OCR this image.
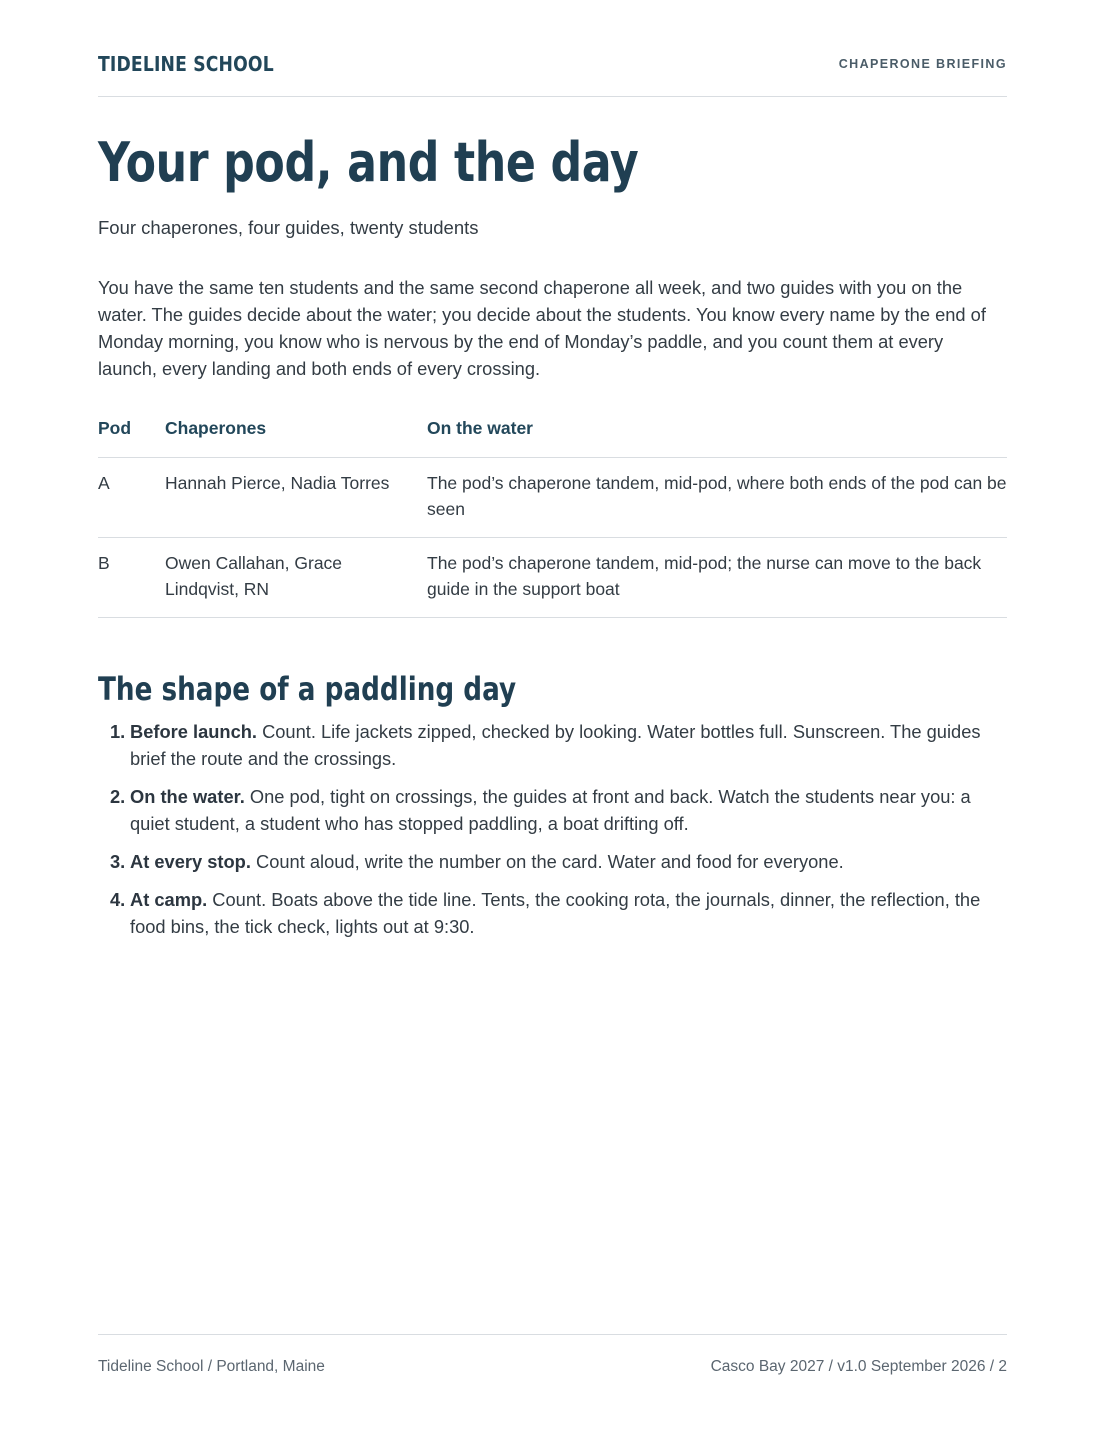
TIDELINE SCHOOL	CHAPERONE BRIEFING
Your pod, and the day
Four chaperones, four guides, twenty students

You have the same ten students and the same second chaperone all week, and two guides with you on the water. The guides decide about the water; you decide about the students. You know every name by the end of Monday morning, you know who is nervous by the end of Monday’s paddle, and you count them at every launch, every landing and both ends of every crossing.

Pod	Chaperones	On the water
A	Hannah Pierce, Nadia Torres	The pod’s chaperone tandem, mid-pod, where both ends of the pod can be seen
B	Owen Callahan, Grace Lindqvist, RN	The pod’s chaperone tandem, mid-pod; the nurse can move to the back guide in the support boat
The shape of a paddling day
1. Before launch. Count. Life jackets zipped, checked by looking. Water bottles full. Sunscreen. The guides brief the route and the crossings.
2. On the water. One pod, tight on crossings, the guides at front and back. Watch the students near you: a quiet student, a student who has stopped paddling, a boat drifting off.
3. At every stop. Count aloud, write the number on the card. Water and food for everyone.
4. At camp. Count. Boats above the tide line. Tents, the cooking rota, the journals, dinner, the reflection, the food bins, the tick check, lights out at 9:30.
Tideline School / Portland, Maine	Casco Bay 2027 / v1.0 September 2026 / 2
